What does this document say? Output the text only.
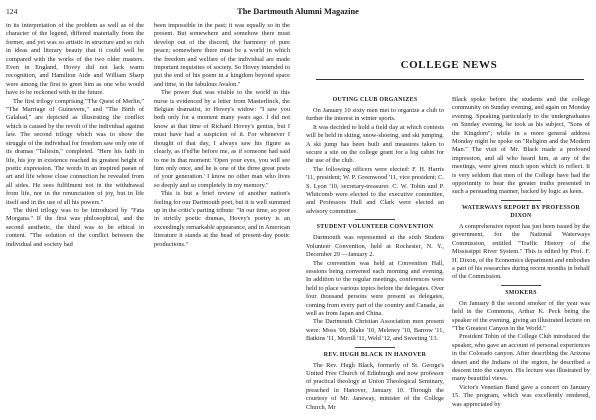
124	The Dartmouth Alumni Magazine

in its interpretation of the problem as well as of the character of the legend, differed materially from the former, and yet was so artistic in structure and so rich in ideas and literary beauty that it could well be compared with the works of the two older masters. Even in England, Hovey did not lack warm recognition, and Hamilton Aide and William Sharp were among the first to greet him as one who would have to be reckoned with in the future.

The first trilogy comprising "The Quest of Merlin," "The Marriage of Guinevere," and "The Birth of Galahad," are depicted as illustrating the conflict which is caused by the revolt of the individual against law. The second trilogy which was to show the struggle of the individual for freedom saw only one of its dramas "Taliesin," completed. "Here his faith in life, his joy in existence reached its greatest height of poetic expression. The words in an inspired paean of art and life whose close connection he revealed from all sides. He sees fulfilment not in the withdrawal from life, nor in the renunciation of joy, but in life itself and in the use of all his powers."

The third trilogy was to be introduced by "Fata Morgana." If the first was philosophical, and the second aesthetic, the third was to be ethical in content. "The solution of the conflict between the individual and society had

been impossible in the past; it was equally so in the present. But somewhere and somehow there must develop out of the discord, the harmony of pure peace; somewhere there must be a world in which the freedom and welfare of the individual are made important requisites of society. So Hovey intended to put the end of his poem in a kingdom beyond space and time, in the fabulous Avalon."

The power that was visible to the world in this nurse is evidenced by a letter from Maeterlinck, the Belgian dramatist, to Hovey's widow: "I saw you both only for a moment many years ago. I did not know at that time of Richard Hovey's genius, but I must have had a suspicion of it. For whenever I thought of that day, I always saw his figure as clearly, as if'ed'he before me, as if someone had said to me in that moment: 'Open your eyes, you will see him only once, and he is one of the three great poets of your generation.' I know no other man who lives so deeply and so completely in my memory."

This is but a brief review of another nation's feeling for our Dartmouth poet, but it is well summed up in the critic's parting tribute: "In our time, so poor in strictly poetic dramas, Hovey's poetry is an exceedingly remarkable appearance, and in American literature it stands at the head of present-day poetic productions."

COLLEGE NEWS

OUTING CLUB ORGANIZES

On January 10 sixty men met to organize a club to further the interest in winter sports.

It was decided to hold a field day at which contests will be held in skiing, snow-shoeing, and ski jumping. A ski jump has been built and measures taken to secure a site on the college grant for a log cabin for the use of the club.

The following officers were elected: F. H. Harris '11, president; W. P. Greenwood '11, vice president; C. S. Lyon '10, secretary-treasurer. C. W. Tobin and P. Whitcomb were elected to the executive committee, and Professors Hull and Clark were elected an advisory committee.

STUDENT VOLUNTEER CONVENTION

Dartmouth was represented at the sixth Student Volunteer Convention, held at Rochester, N. Y., December 29 —January 2.

The convention was held at Convention Hall, sessions being convened each morning and evening. In addition to the regular meetings, conferences were held to place various topics before the delegates. Over four thousand persons were present as delegates, coming from every part of the country and Canada, as well as from Japan and China.

The Dartmouth Christian Association men present were: Moss '09, Blake '10, Meleney '10, Barrow '11, Batkins '11, Morrill '11, Weld '12, and Sweeting '13.

REV. HUGH BLACK IN HANOVER

The Rev. Hugh Black, formerly of St. George's United Free Church of Edinburgh and now professor of practical theology at Union Theological Seminary, preached in Hanover, January 10. Through the courtesy of Mr. Janeway, minister of the College Church, Mr

Black spoke before the students and the college community on Sunday evening, and again on Monday evening. Speaking particularly to the undergraduates on Sunday evening, he took as his subject, "Sons of the Kingdom"; while in a more general address Monday night he spoke on "Religion and the Modern Man." The visit of Mr. Black made a profound impression, and all who heard him, at any of the meetings, were given much upon which to reflect. It is very seldom that men of the College have had the opportunity to hear the greater truths presented in such a persuading manner, backed by logic as keen.

WATERWAYS REPORT BY PROFESSOR DIXON

A comprehensive report has just been issued by the government, for the National Waterways Commission, entitled "Traffic History of the Mississippi River System." This is edited by Prof. F. H. Dixon, of the Economics department and embodies a part of his researches during recent months in behalf of the Commission.

SMOKERS

On January 8 the second smoker of the year was held in the Commons, Arthur K. Peck being the speaker of the evening, giving an illustrated lecture on "The Greatest Canyon in the World."

President Tobin of the College Club introduced the speaker, who gave an account of personal experiences in the Colorado canyon. After describing the Arizona desert and the Indians of the region, he described a descent into the canyon. His lecture was illustrated by many beautiful views.

Victor's Venetian Band gave a concert on January 15. The program, which was excellently rendered, was appreciated by
